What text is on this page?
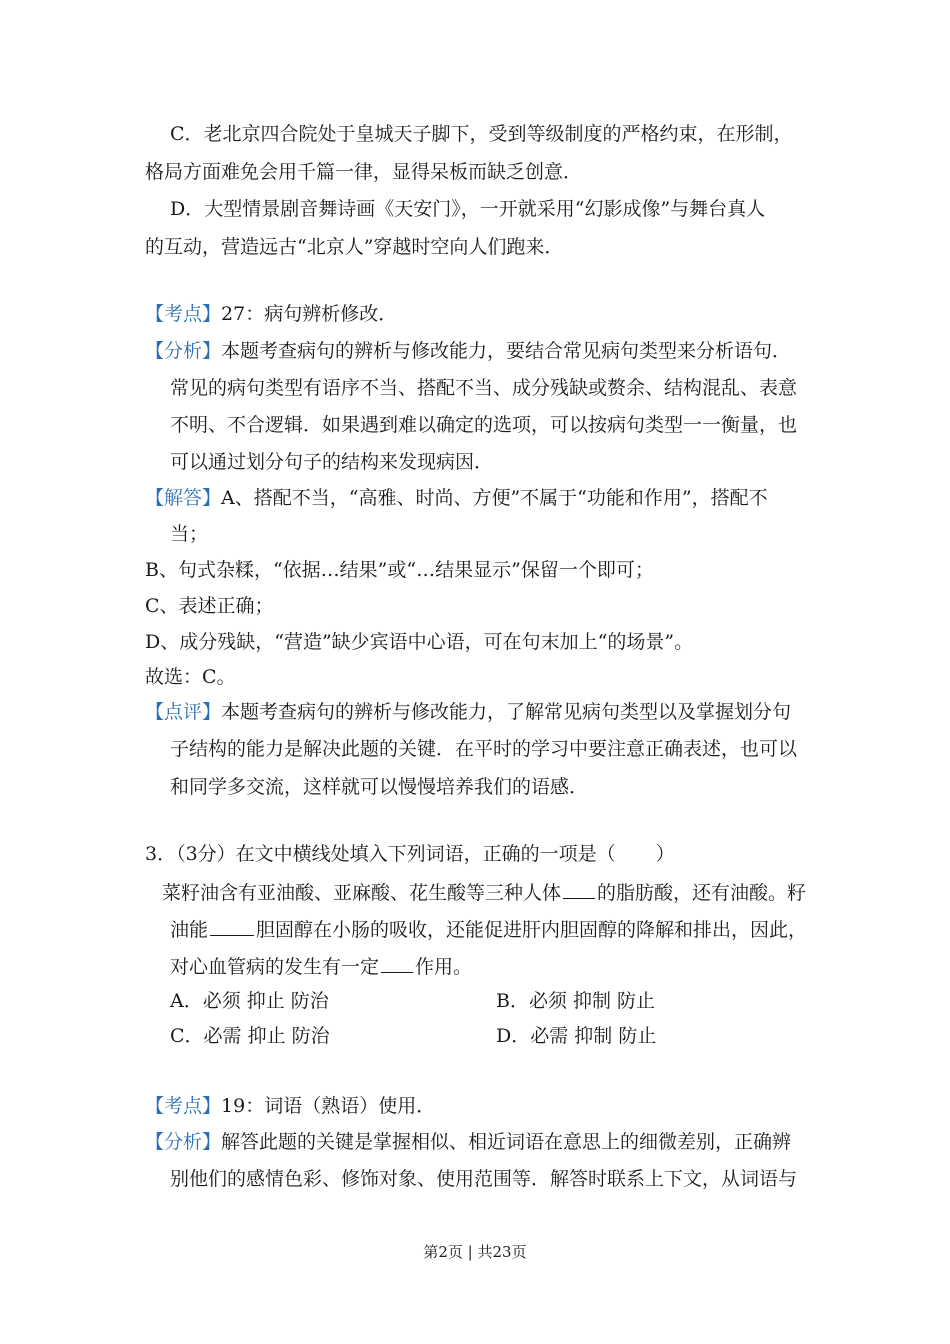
C．老北京四合院处于皇城天子脚下，受到等级制度的严格约束，在形制，
格局方面难免会用千篇一律，显得呆板而缺乏创意．
D．大型情景剧音舞诗画《天安门》，一开就采用“幻影成像”与舞台真人
的互动，营造远古“北京人”穿越时空向人们跑来．
【考点】27：病句辨析修改．
【分析】本题考查病句的辨析与修改能力，要结合常见病句类型来分析语句．
常见的病句类型有语序不当、搭配不当、成分残缺或赘余、结构混乱、表意
不明、不合逻辑．如果遇到难以确定的选项，可以按病句类型一一衡量，也
可以通过划分句子的结构来发现病因．
【解答】A、搭配不当，“高雅、时尚、方便”不属于“功能和作用”，搭配不
当；
B、句式杂糅，“依据…结果”或“…结果显示”保留一个即可；
C、表述正确；
D、成分残缺，“营造”缺少宾语中心语，可在句末加上“的场景”。
故选：C。
【点评】本题考查病句的辨析与修改能力，了解常见病句类型以及掌握划分句
子结构的能力是解决此题的关键．在平时的学习中要注意正确表述，也可以
和同学多交流，这样就可以慢慢培养我们的语感．
3．（3分）在文中横线处填入下列词语，正确的一项是（ ）
菜籽油含有亚油酸、亚麻酸、花生酸等三种人体 的脂肪酸，还有油酸。籽
油能	胆固醇在小肠的吸收，还能促进肝内胆固醇的降解和排出，因此，
对心血管病的发生有一定 作用。
A．必须 抑止 防治	B．必须 抑制 防止
C．必需 抑止 防治	D．必需 抑制 防止
【考点】19：词语（熟语）使用．
【分析】解答此题的关键是掌握相似、相近词语在意思上的细微差别，正确辨
别他们的感情色彩、修饰对象、使用范围等．解答时联系上下文，从词语与
第2页 | 共23页
